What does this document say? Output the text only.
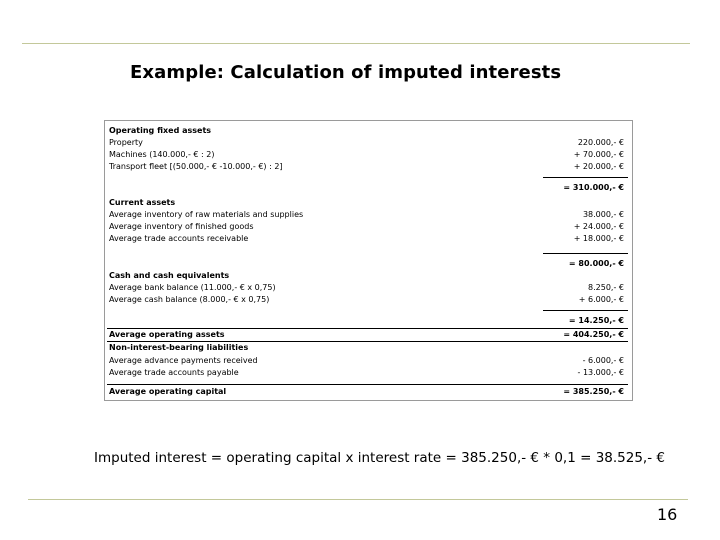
Example: Calculation of imputed interests
Operating fixed assets
Property	220.000,- €
Machines (140.000,- € : 2)	+ 70.000,- €
Transport fleet [(50.000,- € -10.000,- €) : 2]	+ 20.000,- €
= 310.000,- €
Current assets
Average inventory of raw materials and supplies	38.000,- €
Average inventory of finished goods	+ 24.000,- €
Average trade accounts receivable	+ 18.000,- €
= 80.000,- €
Cash and cash equivalents
Average bank balance (11.000,- € x 0,75)	8.250,- €
Average cash balance (8.000,- € x 0,75)	+ 6.000,- €
= 14.250,- €
Average operating assets	= 404.250,- €
Non-interest-bearing liabilities
Average advance payments received	- 6.000,- €
Average trade accounts payable	- 13.000,- €
Average operating capital	= 385.250,- €
Imputed interest = operating capital x interest rate = 385.250,- € * 0,1 = 38.525,- €
16
